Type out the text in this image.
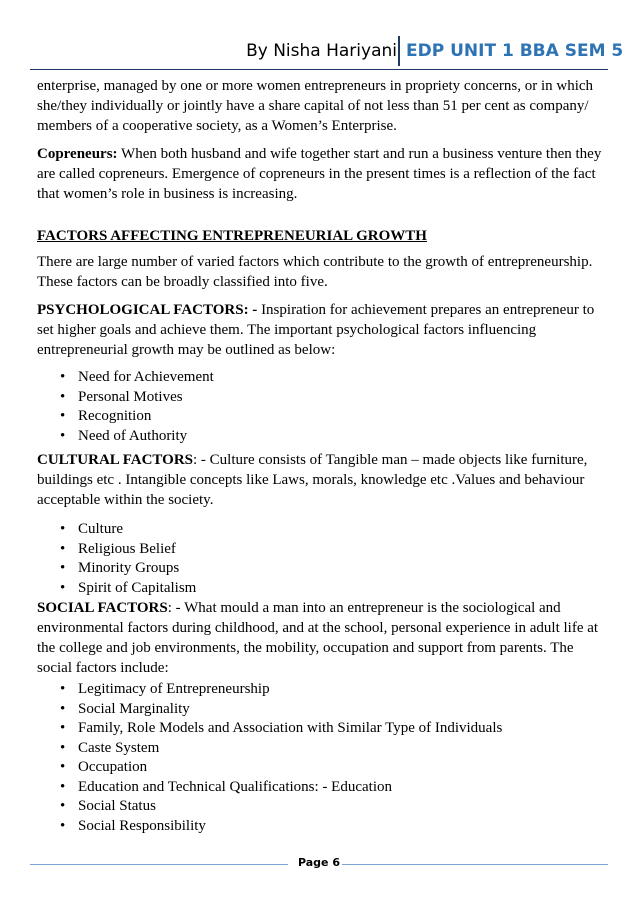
By Nisha Hariyani EDP UNIT 1 BBA SEM 5

enterprise, managed by one or more women entrepreneurs in propriety concerns, or in which she/they individually or jointly have a share capital of not less than 51 per cent as company/ members of a cooperative society, as a Women’s Enterprise.

Copreneurs: When both husband and wife together start and run a business venture then they are called copreneurs. Emergence of copreneurs in the present times is a reflection of the fact that women’s role in business is increasing.

FACTORS AFFECTING ENTREPRENEURIAL GROWTH

There are large number of varied factors which contribute to the growth of entrepreneurship. These factors can be broadly classified into five.

PSYCHOLOGICAL FACTORS: - Inspiration for achievement prepares an entrepreneur to set higher goals and achieve them. The important psychological factors influencing entrepreneurial growth may be outlined as below:

• Need for Achievement
• Personal Motives
• Recognition
• Need of Authority

CULTURAL FACTORS: - Culture consists of Tangible man – made objects like furniture, buildings etc . Intangible concepts like Laws, morals, knowledge etc .Values and behaviour acceptable within the society.

• Culture
• Religious Belief
• Minority Groups
• Spirit of Capitalism

SOCIAL FACTORS: - What mould a man into an entrepreneur is the sociological and environmental factors during childhood, and at the school, personal experience in adult life at the college and job environments, the mobility, occupation and support from parents. The social factors include:

• Legitimacy of Entrepreneurship
• Social Marginality
• Family, Role Models and Association with Similar Type of Individuals
• Caste System
• Occupation
• Education and Technical Qualifications: - Education
• Social Status
• Social Responsibility
Page 6
